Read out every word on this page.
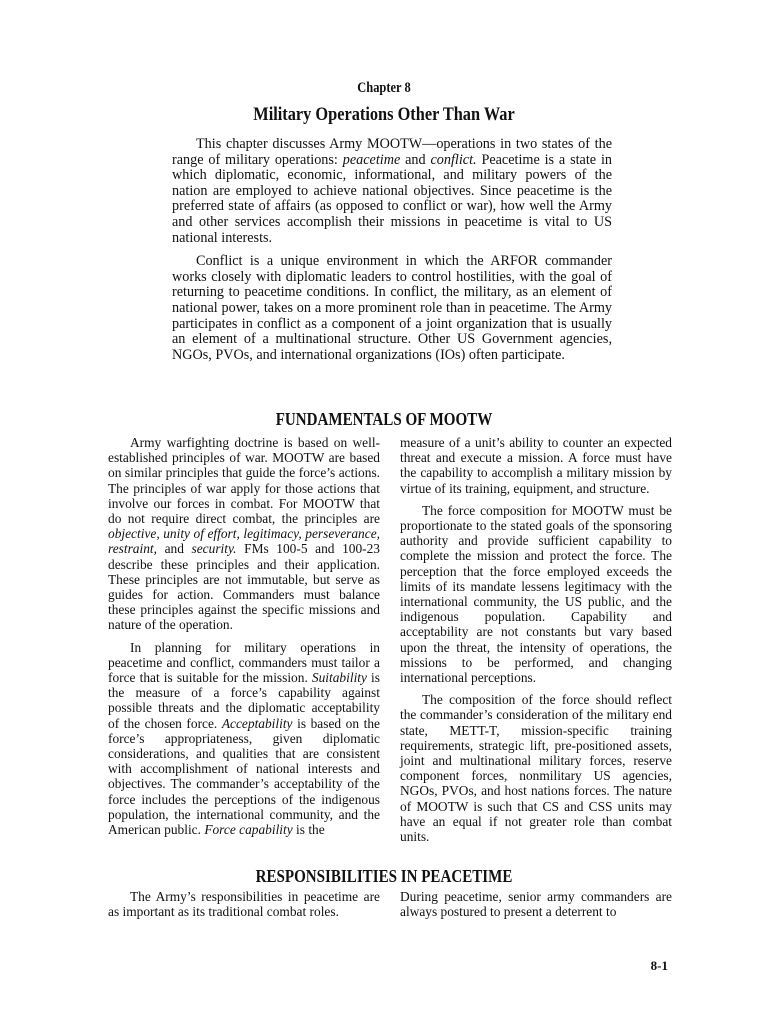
Chapter 8
Military Operations Other Than War

This chapter discusses Army MOOTW—operations in two states of the range of military operations: peacetime and conflict. Peacetime is a state in which diplomatic, economic, informational, and military powers of the nation are employed to achieve national objectives. Since peacetime is the preferred state of affairs (as opposed to conflict or war), how well the Army and other services accomplish their missions in peacetime is vital to US national interests.

Conflict is a unique environment in which the ARFOR commander works closely with diplomatic leaders to control hostilities, with the goal of returning to peacetime conditions. In conflict, the military, as an element of national power, takes on a more prominent role than in peacetime. The Army participates in conflict as a component of a joint organization that is usually an element of a multinational structure. Other US Government agencies, NGOs, PVOs, and international organizations (IOs) often participate.

FUNDAMENTALS OF MOOTW

Army warfighting doctrine is based on well-established principles of war. MOOTW are based on similar principles that guide the force’s actions. The principles of war apply for those actions that involve our forces in combat. For MOOTW that do not require direct combat, the principles are objective, unity of effort, legitimacy, perseverance, restraint, and security. FMs 100-5 and 100-23 describe these principles and their application. These principles are not immutable, but serve as guides for action. Commanders must balance these principles against the specific missions and nature of the operation.

In planning for military operations in peacetime and conflict, commanders must tailor a force that is suitable for the mission. Suitability is the measure of a force’s capability against possible threats and the diplomatic acceptability of the chosen force. Acceptability is based on the force’s appropriateness, given diplomatic considerations, and qualities that are consistent with accomplishment of national interests and objectives. The commander’s acceptability of the force includes the perceptions of the indigenous population, the international community, and the American public. Force capability is the

measure of a unit’s ability to counter an expected threat and execute a mission. A force must have the capability to accomplish a military mission by virtue of its training, equipment, and structure.

The force composition for MOOTW must be proportionate to the stated goals of the sponsoring authority and provide sufficient capability to complete the mission and protect the force. The perception that the force employed exceeds the limits of its mandate lessens legitimacy with the international community, the US public, and the indigenous population. Capability and acceptability are not constants but vary based upon the threat, the intensity of operations, the missions to be performed, and changing international perceptions.

The composition of the force should reflect the commander’s consideration of the military end state, METT-T, mission-specific training requirements, strategic lift, pre-positioned assets, joint and multinational military forces, reserve component forces, nonmilitary US agencies, NGOs, PVOs, and host nations forces. The nature of MOOTW is such that CS and CSS units may have an equal if not greater role than combat units.

RESPONSIBILITIES IN PEACETIME

The Army’s responsibilities in peacetime are as important as its traditional combat roles.

During peacetime, senior army commanders are always postured to present a deterrent to

8-1
